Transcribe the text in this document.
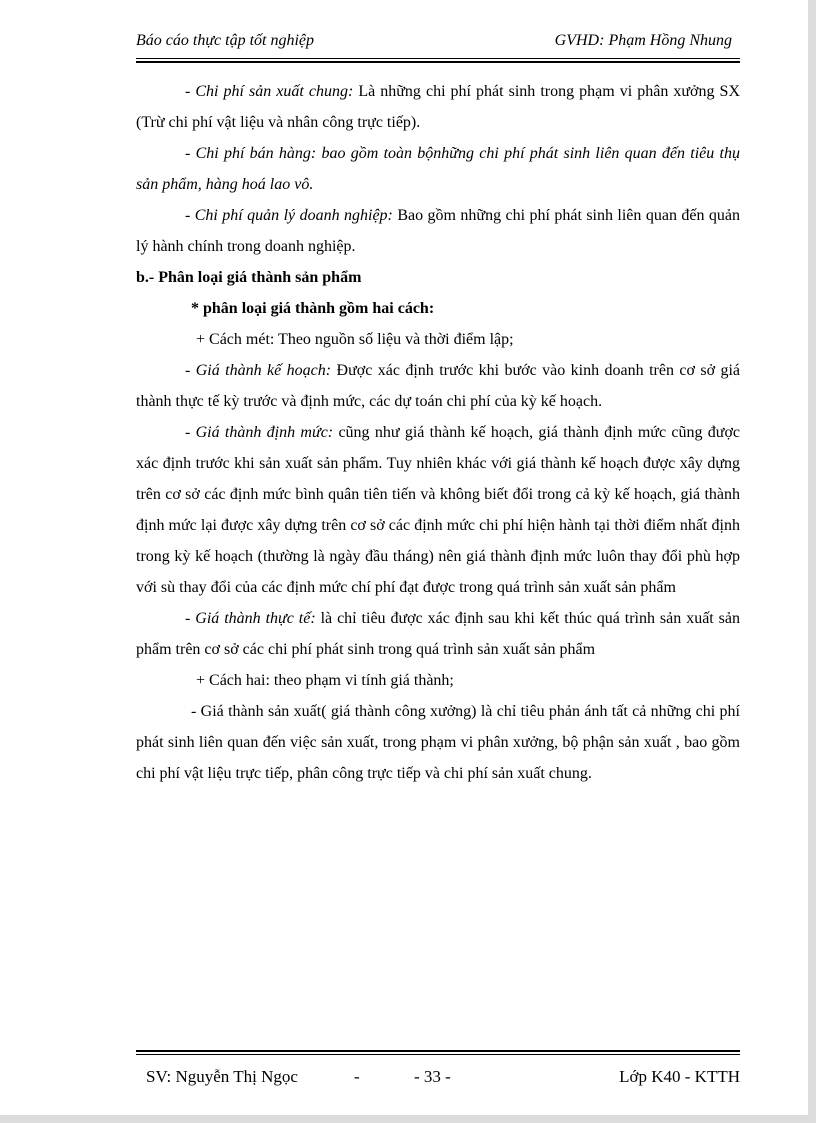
Báo cáo thực tập tốt nghiệp	GVHD: Phạm Hồng Nhung

- Chi phí sản xuất chung: Là những chi phí phát sinh trong phạm vi phân xưởng SX (Trừ chi phí vật liệu và nhân công trực tiếp).

- Chi phí bán hàng: bao gồm toàn bộnhững chi phí phát sinh liên quan đến tiêu thụ sản phẩm, hàng hoá lao vô.

- Chi phí quản lý doanh nghiệp: Bao gồm những chi phí phát sinh liên quan đến quản lý hành chính trong doanh nghiệp.

b.- Phân loại giá thành sản phẩm

* phân loại giá thành gồm hai cách:

+ Cách mét: Theo nguồn số liệu và thời điểm lập;

- Giá thành kế hoạch: Được xác định trước khi bước vào kinh doanh trên cơ sở giá thành thực tế kỳ trước và định mức, các dự toán chi phí của kỳ kế hoạch.

- Giá thành định mức: cũng như giá thành kế hoạch, giá thành định mức cũng được xác định trước khi sản xuất sản phẩm. Tuy nhiên khác với giá thành kế hoạch được xây dựng trên cơ sở các định mức bình quân tiên tiến và không biết đổi trong cả kỳ kế hoạch, giá thành định mức lại được xây dựng trên cơ sở các định mức chi phí hiện hành tại thời điểm nhất định trong kỳ kế hoạch (thường là ngày đầu tháng) nên giá thành định mức luôn thay đổi phù hợp với sù thay đổi của các định mức chí phí đạt được trong quá trình sản xuất sản phẩm

- Giá thành thực tế: là chỉ tiêu được xác định sau khi kết thúc quá trình sản xuất sản phẩm trên cơ sở các chi phí phát sinh trong quá trình sản xuất sản phẩm

+ Cách hai: theo phạm vi tính giá thành;

- Giá thành sản xuất( giá thành công xưởng) là chỉ tiêu phản ánh tất cả những chi phí phát sinh liên quan đến việc sản xuất, trong phạm vi phân xưởng, bộ phận sản xuất , bao gồm chi phí vật liệu trực tiếp, phân công trực tiếp và chi phí sản xuất chung.

SV: Nguyễn Thị Ngọc	-	- 33 -	Lớp K40 - KTTH
